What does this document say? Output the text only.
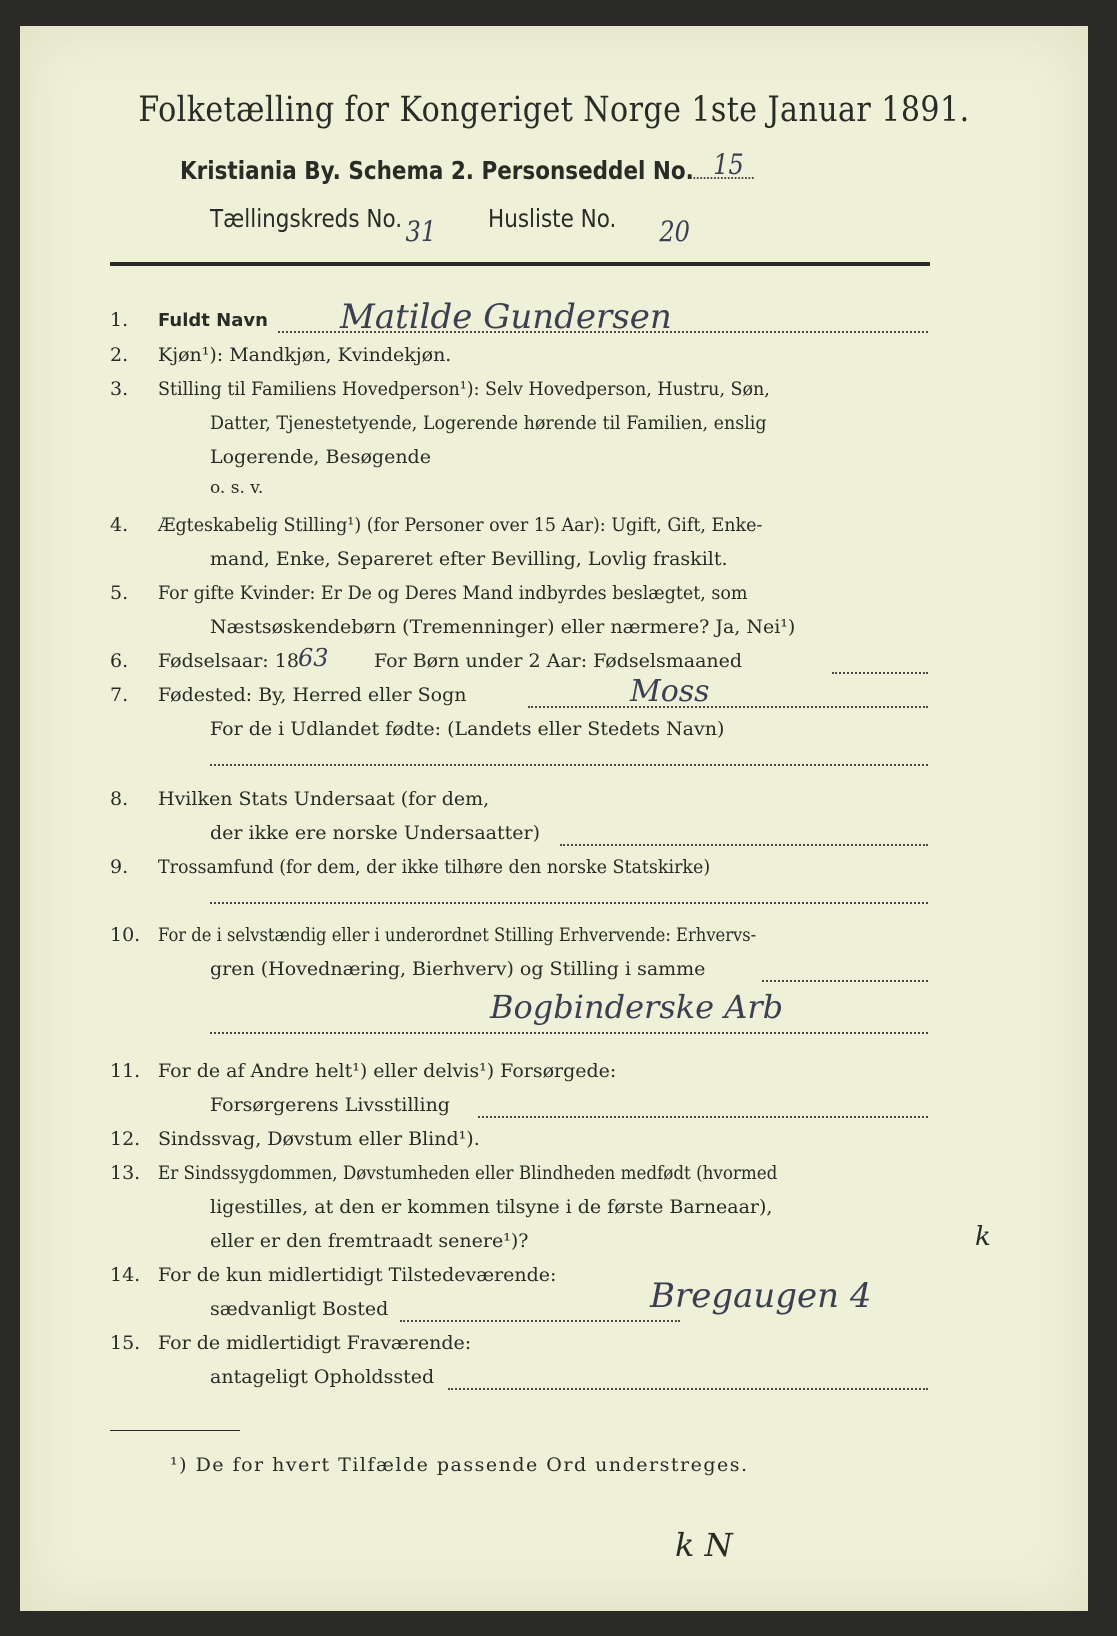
Folketælling for Kongeriget Norge 1ste Januar 1891.
Kristiania By. Schema 2. Personseddel No. 15
Tællingskreds No. 31 Husliste No. 20
1.	Fuldt Navn Matilde Gundersen
2.	Kjøn¹): Mandkjøn, Kvindekjøn.
3.	Stilling til Familiens Hovedperson¹): Selv Hovedperson, Hustru, Søn,
Datter, Tjenestetyende, Logerende hørende til Familien, enslig
Logerende, Besøgende
o. s. v.
4.	Ægteskabelig Stilling¹) (for Personer over 15 Aar): Ugift, Gift, Enke-
mand, Enke, Separeret efter Bevilling, Lovlig fraskilt.
5.	For gifte Kvinder: Er De og Deres Mand indbyrdes beslægtet, som
Næstsøskendebørn (Tremenninger) eller nærmere? Ja, Nei¹)
6.	Fødselsaar: 18 63 For Børn under 2 Aar: Fødselsmaaned
7.	Fødested: By, Herred eller Sogn	Moss
For de i Udlandet fødte: (Landets eller Stedets Navn)
8.	Hvilken Stats Undersaat (for dem,
der ikke ere norske Undersaatter)
9.	Trossamfund (for dem, der ikke tilhøre den norske Statskirke)
10. For de i selvstændig eller i underordnet Stilling Erhvervende: Erhvervs-
gren (Hovednæring, Bierhverv) og Stilling i samme
Bogbinderske Arb
11. For de af Andre helt¹) eller delvis¹) Forsørgede:
Forsørgerens Livsstilling
12. Sindssvag, Døvstum eller Blind¹).
13. Er Sindssygdommen, Døvstumheden eller Blindheden medfødt (hvormed
ligestilles, at den er kommen tilsyne i de første Barneaar),
eller er den fremtraadt senere¹)?
14. For de kun midlertidigt Tilstedeværende:
sædvanligt Bosted	Bregaugen 4
15. For de midlertidigt Fraværende:
antageligt Opholdssted
¹) De for hvert Tilfælde passende Ord understreges.
k
k N
